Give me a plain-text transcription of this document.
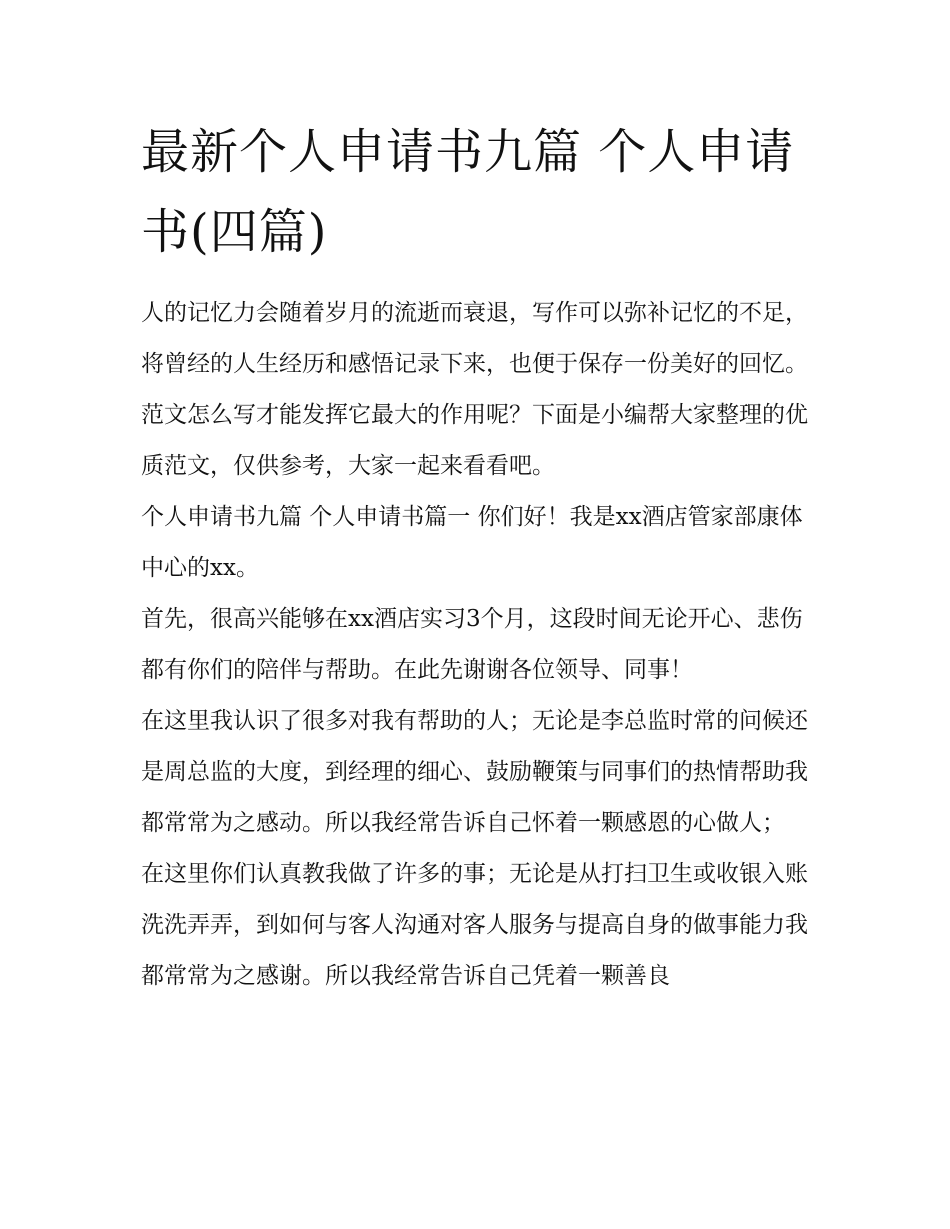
最新个人申请书九篇 个人申请书(四篇)

人的记忆力会随着岁月的流逝而衰退，写作可以弥补记忆的不足，将曾经的人生经历和感悟记录下来，也便于保存一份美好的回忆。范文怎么写才能发挥它最大的作用呢？下面是小编帮大家整理的优质范文，仅供参考，大家一起来看看吧。

个人申请书九篇 个人申请书篇一 你们好！我是xx酒店管家部康体中心的xx。

首先，很高兴能够在xx酒店实习3个月，这段时间无论开心、悲伤都有你们的陪伴与帮助。在此先谢谢各位领导、同事！

在这里我认识了很多对我有帮助的人；无论是李总监时常的问候还是周总监的大度，到经理的细心、鼓励鞭策与同事们的热情帮助我都常常为之感动。所以我经常告诉自己怀着一颗感恩的心做人；

在这里你们认真教我做了许多的事；无论是从打扫卫生或收银入账洗洗弄弄，到如何与客人沟通对客人服务与提高自身的做事能力我都常常为之感谢。所以我经常告诉自己凭着一颗善良
